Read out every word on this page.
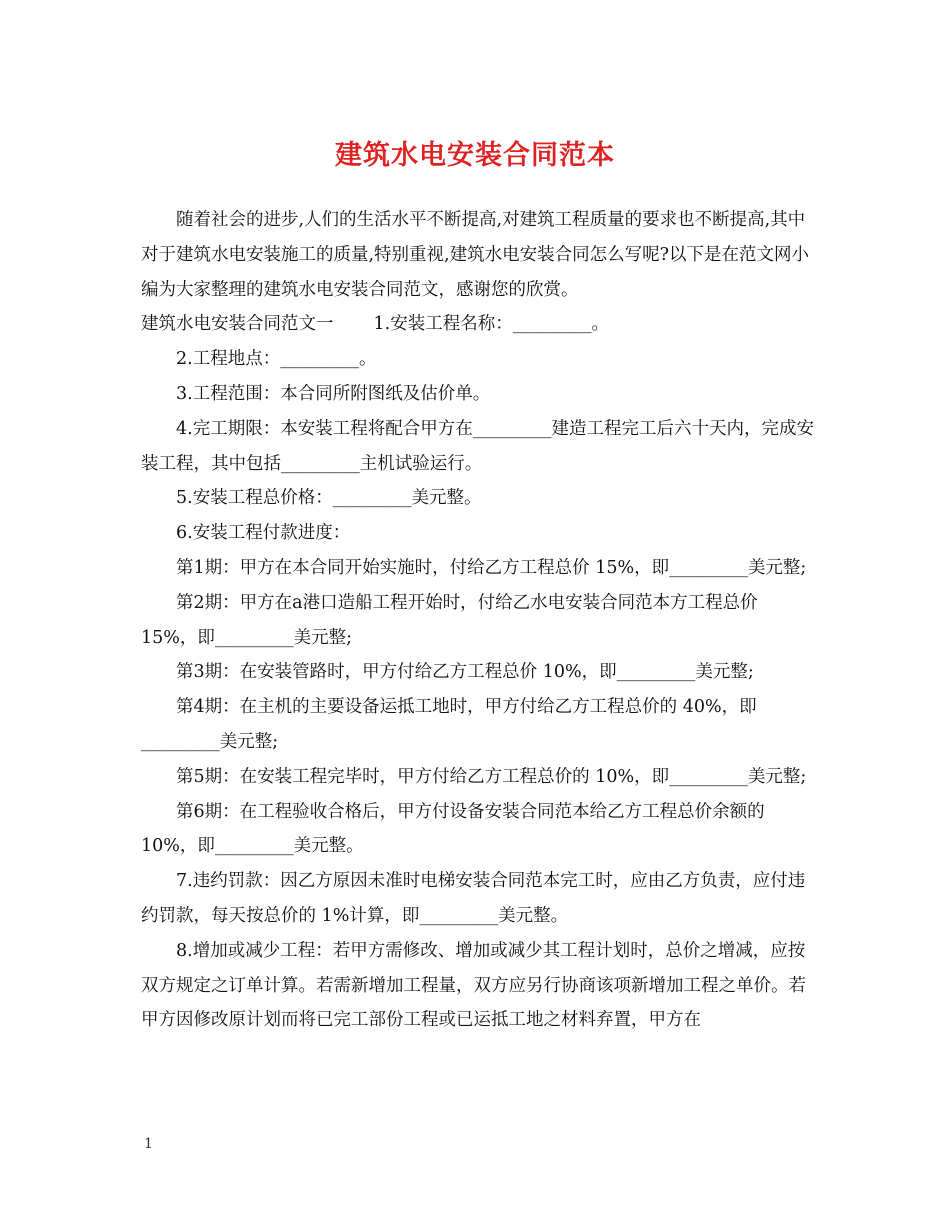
建筑水电安装合同范本

随着社会的进步,人们的生活水平不断提高,对建筑工程质量的要求也不断提高,其中对于建筑水电安装施工的质量,特别重视,建筑水电安装合同怎么写呢?以下是在范文网小编为大家整理的建筑水电安装合同范文，感谢您的欣赏。

建筑水电安装合同范文一 1.安装工程名称：_________。

2.工程地点：_________。

3.工程范围：本合同所附图纸及估价单。

4.完工期限：本安装工程将配合甲方在_________建造工程完工后六十天内，完成安装工程，其中包括_________主机试验运行。

5.安装工程总价格：_________美元整。

6.安装工程付款进度：

第1期：甲方在本合同开始实施时，付给乙方工程总价 15%，即_________美元整;

第2期：甲方在a港口造船工程开始时，付给乙水电安装合同范本方工程总价 15%，即_________美元整;

第3期：在安装管路时，甲方付给乙方工程总价 10%，即_________美元整;

第4期：在主机的主要设备运抵工地时，甲方付给乙方工程总价的 40%，即_________美元整;

第5期：在安装工程完毕时，甲方付给乙方工程总价的 10%，即_________美元整;

第6期：在工程验收合格后，甲方付设备安装合同范本给乙方工程总价余额的 10%，即_________美元整。

7.违约罚款：因乙方原因未准时电梯安装合同范本完工时，应由乙方负责，应付违约罚款，每天按总价的 1%计算，即_________美元整。

8.增加或减少工程：若甲方需修改、增加或减少其工程计划时，总价之增减，应按双方规定之订单计算。若需新增加工程量，双方应另行协商该项新增加工程之单价。若甲方因修改原计划而将已完工部份工程或已运抵工地之材料弃置，甲方在

1
